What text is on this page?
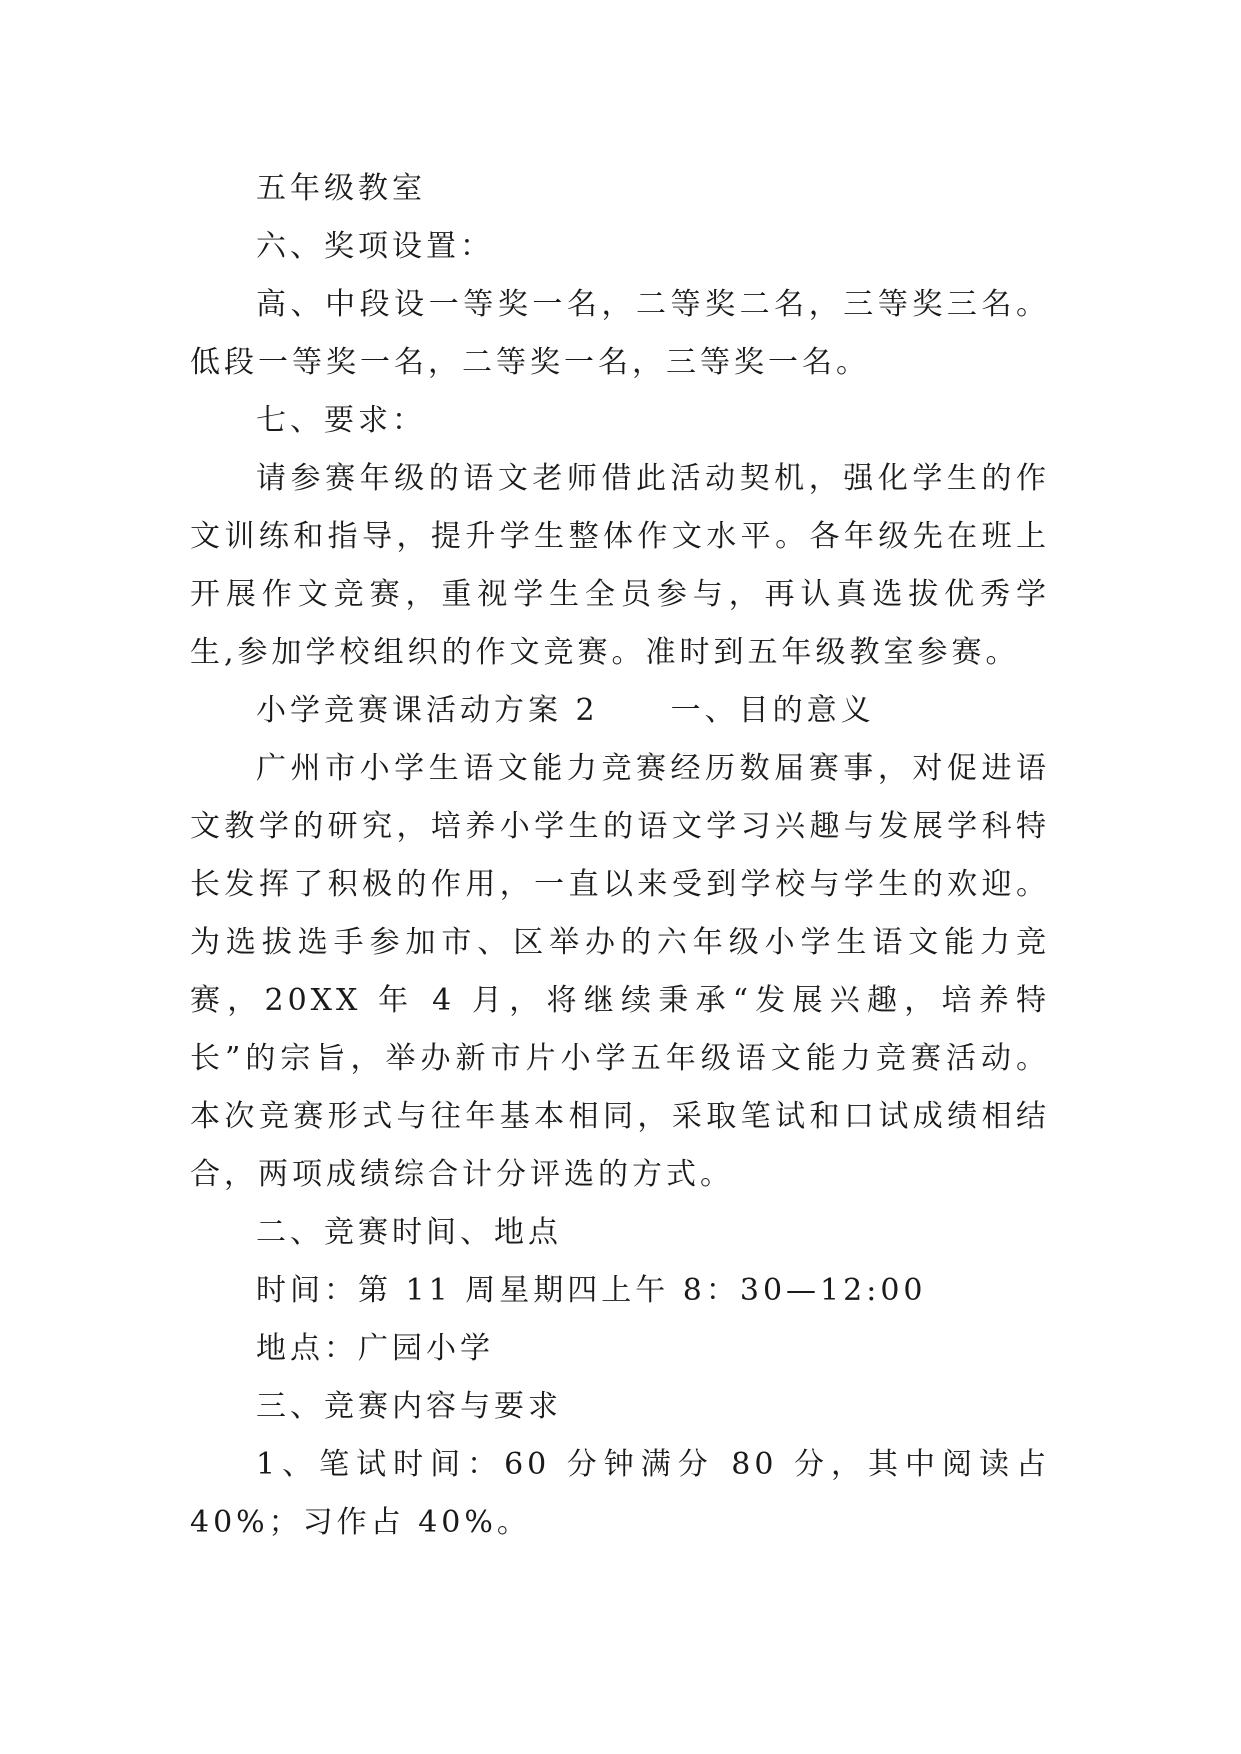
五年级教室

六、奖项设置：

高、中段设一等奖一名，二等奖二名，三等奖三名。低段一等奖一名，二等奖一名，三等奖一名。

七、要求：

请参赛年级的语文老师借此活动契机，强化学生的作文训练和指导，提升学生整体作文水平。各年级先在班上开展作文竞赛，重视学生全员参与，再认真选拔优秀学生,参加学校组织的作文竞赛。准时到五年级教室参赛。

小学竞赛课活动方案 2 一、目的意义

广州市小学生语文能力竞赛经历数届赛事，对促进语文教学的研究，培养小学生的语文学习兴趣与发展学科特长发挥了积极的作用，一直以来受到学校与学生的欢迎。为选拔选手参加市、区举办的六年级小学生语文能力竞赛，20XX 年 4 月，将继续秉承“发展兴趣，培养特长”的宗旨，举办新市片小学五年级语文能力竞赛活动。本次竞赛形式与往年基本相同，采取笔试和口试成绩相结合，两项成绩综合计分评选的方式。

二、竞赛时间、地点

时间：第 11 周星期四上午 8：30—12:00

地点：广园小学

三、竞赛内容与要求

1、笔试时间：60 分钟满分 80 分，其中阅读占 40%；习作占 40%。
